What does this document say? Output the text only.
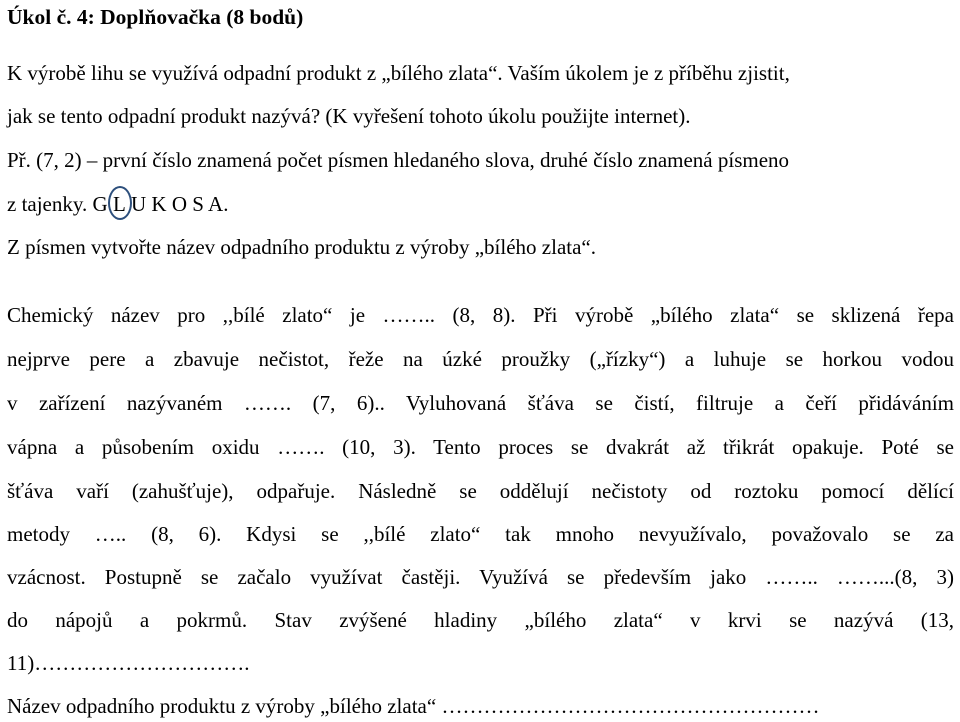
Úkol č. 4: Doplňovačka (8 bodů)
K výrobě lihu se využívá odpadní produkt z „bílého zlata“. Vaším úkolem je z příběhu zjistit,
jak se tento odpadní produkt nazývá? (K vyřešení tohoto úkolu použijte internet).
Př. (7, 2) – první číslo znamená počet písmen hledaného slova, druhé číslo znamená písmeno
z tajenky. G L U K O S A.
Z písmen vytvořte název odpadního produktu z výroby „bílého zlata“.
Chemický název pro ,,bílé zlato“ je …….. (8, 8). Při výrobě „bílého zlata“ se sklizená řepa
nejprve pere a zbavuje nečistot, řeže na úzké proužky („řízky“) a luhuje se horkou vodou
v zařízení nazývaném ……. (7, 6).. Vyluhovaná šťáva se čistí, filtruje a čeří přidáváním
vápna a působením oxidu ……. (10, 3). Tento proces se dvakrát až třikrát opakuje. Poté se
šťáva vaří (zahušťuje), odpařuje. Následně se oddělují nečistoty od roztoku pomocí dělící
metody ….. (8, 6). Kdysi se ,,bílé zlato“ tak mnoho nevyužívalo, považovalo se za
vzácnost. Postupně se začalo využívat častěji. Využívá se především jako …….. ……...(8, 3)
do nápojů a pokrmů. Stav zvýšené hladiny „bílého zlata“ v krvi se nazývá (13,
11)………………………….
Název odpadního produktu z výroby „bílého zlata“ ………………………………………………
